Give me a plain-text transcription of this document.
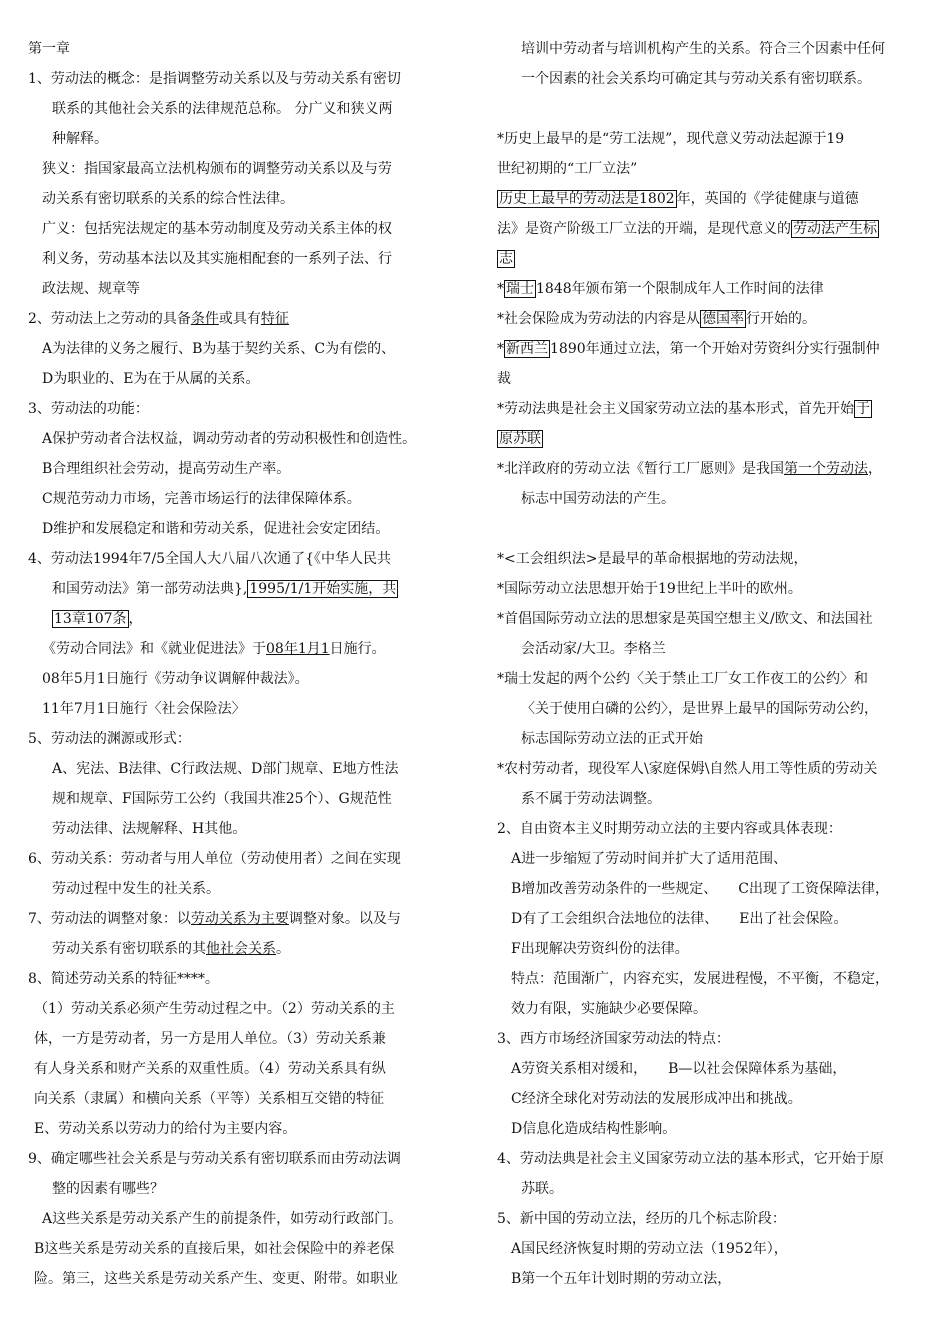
第一章
1、劳动法的概念：是指调整劳动关系以及与劳动关系有密切
联系的其他社会关系的法律规范总称。 分广义和狭义两
种解释。
狭义：指国家最高立法机构颁布的调整劳动关系以及与劳
动关系有密切联系的关系的综合性法律。
广义：包括宪法规定的基本劳动制度及劳动关系主体的权
利义务，劳动基本法以及其实施相配套的一系列子法、行
政法规、规章等
2、劳动法上之劳动的具备条件或具有特征
A为法律的义务之履行、B为基于契约关系、C为有偿的、
D为职业的、E为在于从属的关系。
3、劳动法的功能：
A保护劳动者合法权益，调动劳动者的劳动积极性和创造性。
B合理组织社会劳动，提高劳动生产率。
C规范劳动力市场，完善市场运行的法律保障体系。
D维护和发展稳定和谐和劳动关系，促进社会安定团结。
4、劳动法1994年7/5全国人大八届八次通了{《中华人民共
和国劳动法》第一部劳动法典}, 1995/1/1开始实施，共
13章107条 ，
《劳动合同法》和《就业促进法》于08年1月1日施行。
08年5月1日施行《劳动争议调解仲裁法》。
11年7月1日施行〈社会保险法〉
5、劳动法的渊源或形式：
A、宪法、B法律、C行政法规、D部门规章、E地方性法
规和规章、F国际劳工公约（我国共准25个）、G规范性
劳动法律、法规解释、H其他。
6、劳动关系：劳动者与用人单位（劳动使用者）之间在实现
劳动过程中发生的社关系。
7、劳动法的调整对象：以劳动关系为主要调整对象。以及与
劳动关系有密切联系的其他社会关系。
8、简述劳动关系的特征****。
（1）劳动关系必须产生劳动过程之中。（2）劳动关系的主
体，一方是劳动者，另一方是用人单位。（3）劳动关系兼
有人身关系和财产关系的双重性质。（4）劳动关系具有纵
向关系（隶属）和横向关系（平等）关系相互交错的特征
E、劳动关系以劳动力的给付为主要内容。
9、确定哪些社会关系是与劳动关系有密切联系而由劳动法调
整的因素有哪些？
A这些关系是劳动关系产生的前提条件，如劳动行政部门。
B这些关系是劳动关系的直接后果，如社会保险中的养老保
险。第三，这些关系是劳动关系产生、变更、附带。如职业
培训中劳动者与培训机构产生的关系。符合三个因素中任何
一个因素的社会关系均可确定其与劳动关系有密切联系。
*历史上最早的是“劳工法规”，现代意义劳动法起源于19
世纪初期的“工厂立法”
历史上最早的劳动法是1802 年，英国的《学徒健康与道德
法》是资产阶级工厂立法的开端，是现代意义的 劳动法产生标
志
* 瑞士 1848年颁布第一个限制成年人工作时间的法律
*社会保险成为劳动法的内容是从 德国率 行开始的。
* 新西兰 1890年通过立法，第一个开始对劳资纠分实行强制仲
裁
*劳动法典是社会主义国家劳动立法的基本形式，首先开始 于
原苏联
*北洋政府的劳动立法《暂行工厂愿则》是我国第一个劳动法，
标志中国劳动法的产生。
*<工会组织法>是最早的革命根据地的劳动法规，
*国际劳动立法思想开始于19世纪上半叶的欧州。
*首倡国际劳动立法的思想家是英国空想主义/欧文、和法国社
会活动家/大卫。李格兰
*瑞士发起的两个公约〈关于禁止工厂女工作夜工的公约〉和
〈关于使用白磷的公约〉，是世界上最早的国际劳动公约，
标志国际劳动立法的正式开始
*农村劳动者，现役军人\家庭保姆\自然人用工等性质的劳动关
系不属于劳动法调整。
2、自由资本主义时期劳动立法的主要内容或具体表现：
A进一步缩短了劳动时间并扩大了适用范围、
B增加改善劳动条件的一些规定、　　C出现了工资保障法律，
D有了工会组织合法地位的法律、　　E出了社会保险。
F出现解决劳资纠份的法律。
特点：范围渐广，内容充实，发展进程慢，不平衡，不稳定，
效力有限，实施缺少必要保障。
3、西方市场经济国家劳动法的特点：
A劳资关系相对缓和，　　B—以社会保障体系为基础，
C经济全球化对劳动法的发展形成冲出和挑战。
D信息化造成结构性影响。
4、劳动法典是社会主义国家劳动立法的基本形式，它开始于原
苏联。
5、新中国的劳动立法，经历的几个标志阶段：
A国民经济恢复时期的劳动立法（1952年），
B第一个五年计划时期的劳动立法，
